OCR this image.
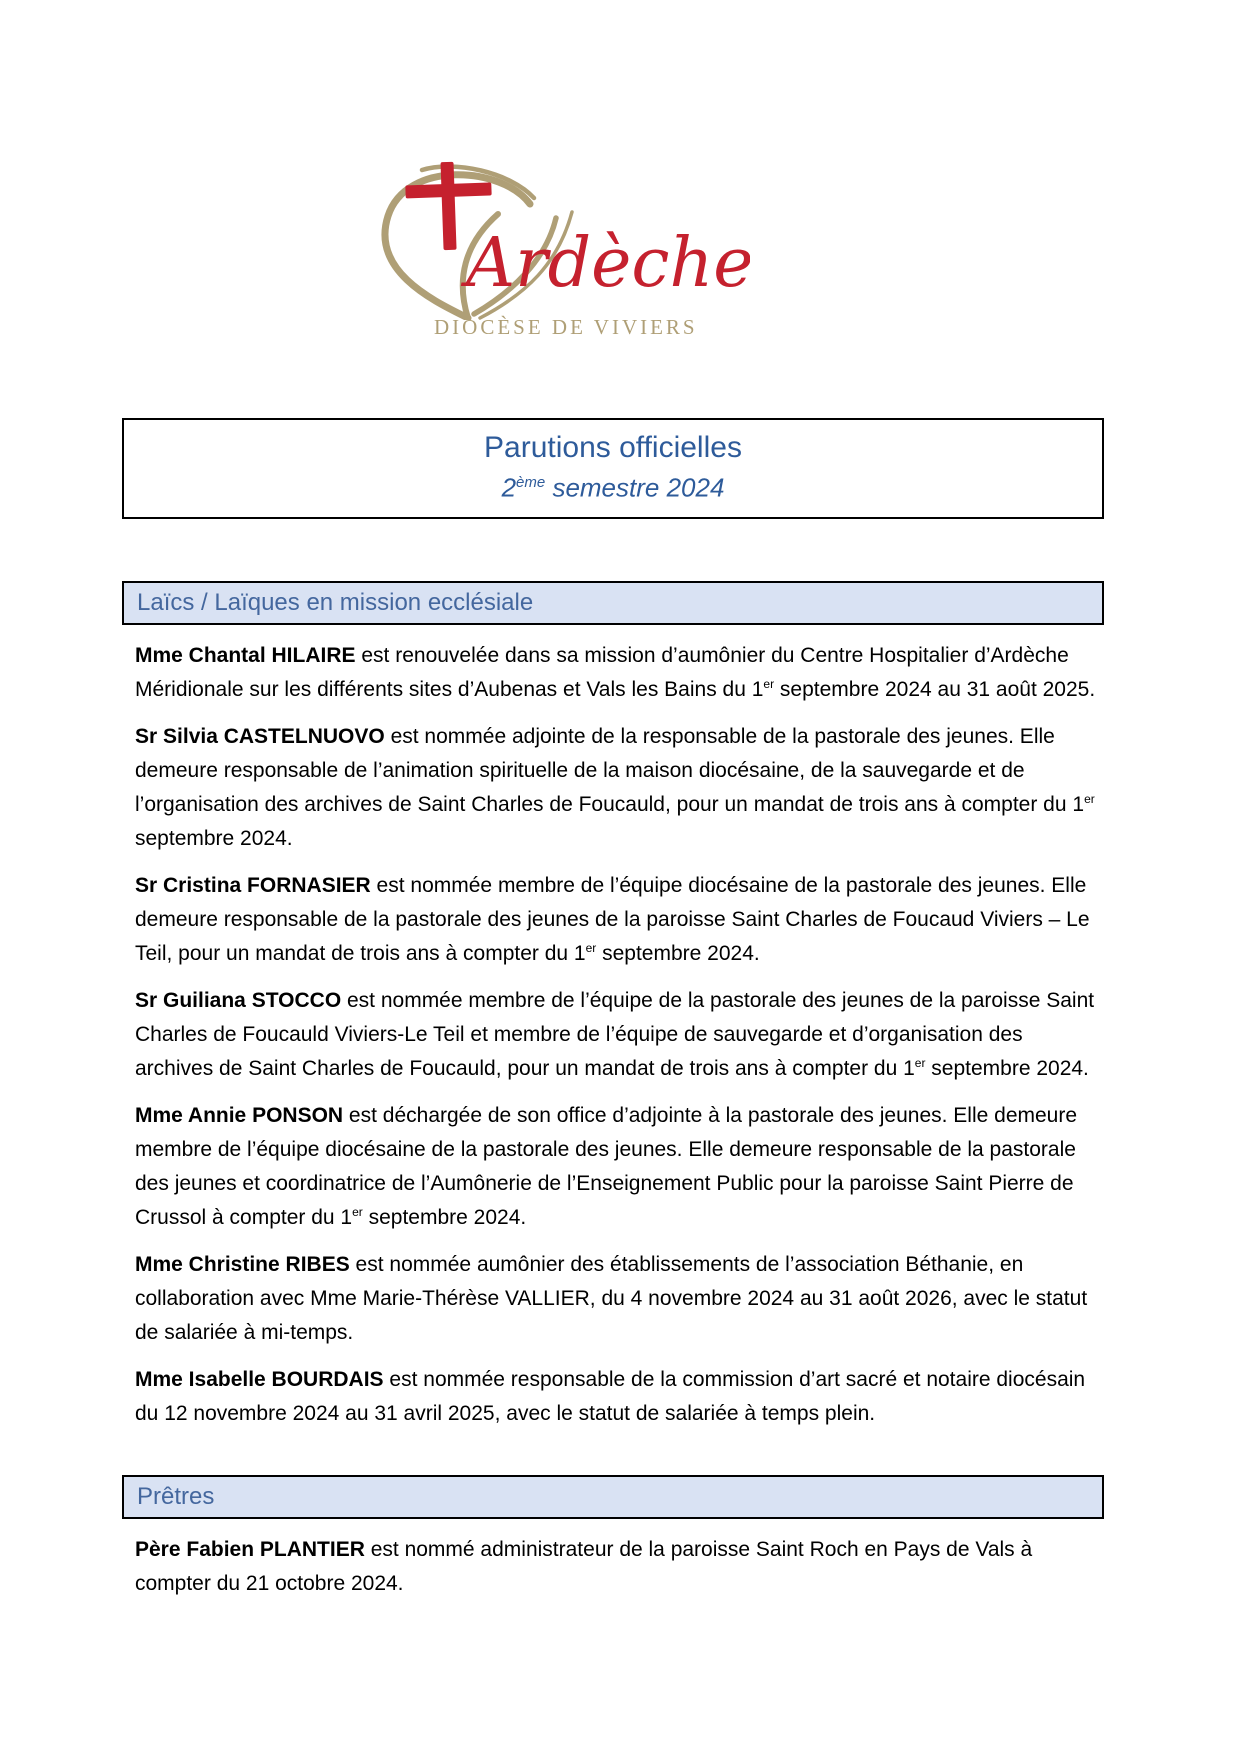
Ardèche
DIOCÈSE DE VIVIERS
Parutions officielles
2ème semestre 2024
Laïcs / Laïques en mission ecclésiale

Mme Chantal HILAIRE est renouvelée dans sa mission d’aumônier du Centre Hospitalier d’Ardèche Méridionale sur les différents sites d’Aubenas et Vals les Bains du 1er septembre 2024 au 31 août 2025.

Sr Silvia CASTELNUOVO est nommée adjointe de la responsable de la pastorale des jeunes. Elle demeure responsable de l’animation spirituelle de la maison diocésaine, de la sauvegarde et de l’organisation des archives de Saint Charles de Foucauld, pour un mandat de trois ans à compter du 1er septembre 2024.

Sr Cristina FORNASIER est nommée membre de l’équipe diocésaine de la pastorale des jeunes. Elle demeure responsable de la pastorale des jeunes de la paroisse Saint Charles de Foucaud Viviers – Le Teil, pour un mandat de trois ans à compter du 1er septembre 2024.

Sr Guiliana STOCCO est nommée membre de l’équipe de la pastorale des jeunes de la paroisse Saint Charles de Foucauld Viviers-Le Teil et membre de l’équipe de sauvegarde et d’organisation des archives de Saint Charles de Foucauld, pour un mandat de trois ans à compter du 1er septembre 2024.

Mme Annie PONSON est déchargée de son office d’adjointe à la pastorale des jeunes. Elle demeure membre de l’équipe diocésaine de la pastorale des jeunes. Elle demeure responsable de la pastorale des jeunes et coordinatrice de l’Aumônerie de l’Enseignement Public pour la paroisse Saint Pierre de Crussol à compter du 1er septembre 2024.

Mme Christine RIBES est nommée aumônier des établissements de l’association Béthanie, en collaboration avec Mme Marie-Thérèse VALLIER, du 4 novembre 2024 au 31 août 2026, avec le statut de salariée à mi-temps.

Mme Isabelle BOURDAIS est nommée responsable de la commission d’art sacré et notaire diocésain du 12 novembre 2024 au 31 avril 2025, avec le statut de salariée à temps plein.

Prêtres

Père Fabien PLANTIER est nommé administrateur de la paroisse Saint Roch en Pays de Vals à compter du 21 octobre 2024.
